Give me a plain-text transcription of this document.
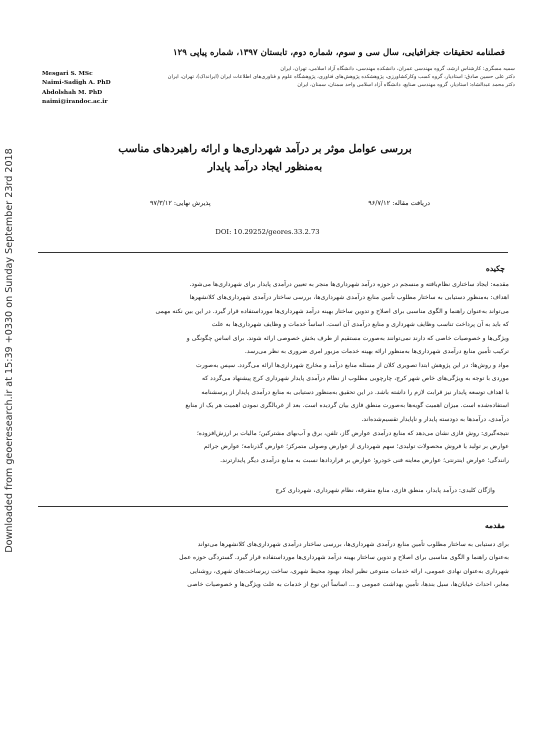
Downloaded from geoeresearch.ir at 15:39 +0330 on Sunday September 23rd 2018
فصلنامه تحقیقات جغرافیایی، سال سی و سوم، شماره دوم، تابستان ۱۳۹۷، شماره پیاپی ۱۲۹
سمیه مسگری: کارشناس ارشد، گروه مهندسی عمران، دانشکده مهندسی، دانشگاه آزاد اسلامی، تهران، ایران
دکتر علی حسین صادق: استادیار، گروه کسب وکارکشاورزی، پژوهشکده پژوهش‌های فناوری، پژوهشگاه علوم و فناوری‌های اطلاعات ایران (ایرانداک)، تهران، ایران
دکتر محمد عبدالشاه: استادیار، گروه مهندسی صنایع، دانشگاه آزاد اسلامی واحد سمنان، سمنان، ایران
Mesgari S. MSc
Naimi-Sadigh A. PhD
Abdolshah M. PhD
naimi@irandoc.ac.ir
بررسی عوامل موثر بر درآمد شهرداری‌ها و ارائه راهبردهای مناسب
به‌منظور ایجاد درآمد پایدار
دریافت مقاله: ۹۶/۷/۱۲
پذیرش نهایی: ۹۷/۳/۱۲
DOI: 10.29252/geores.33.2.73
چکیده
مقدمه: ایجاد ساختاری نظام‌یافته و منسجم در حوزه درآمد شهرداری‌ها منجر به تعیین درآمدی پایدار برای شهرداری‌ها می‌شود.
اهداف: به‌منظور دستیابی به ساختار مطلوب تأمین منابع درآمدی شهرداری‌ها، بررسی ساختار درآمدی شهرداری‌های کلانشهرها
می‌تواند به‌عنوان راهنما و الگوی مناسبی برای اصلاح و تدوین ساختار بهینه درآمد شهرداری‌ها مورداستفاده قرار گیرد. در این بین نکته مهمی
که باید به آن پرداخت تناسب وظایف شهرداری و منابع درآمدی آن است. اساساً خدمات و وظایف شهرداری‌ها به علت
ویژگی‌ها و خصوصیات خاصی که دارند نمی‌توانند به‌صورت مستقیم از طرف بخش خصوصی ارائه شوند. برای اساس چگونگی و
ترکیب تأمین منابع درآمدی شهرداری‌ها به‌منظور ارائه بهینه خدمات مزبور امری ضروری به نظر می‌رسد.
مواد و روش‌ها: در این پژوهش ابتدا تصویری کلان از مسئله منابع درآمد و مخارج شهرداری‌ها ارائه می‌گردد. سپس به‌صورت
موردی با توجه به ویژگی‌های خاص شهر کرج، چارچوبی مطلوب از نظام درآمدی پایدار شهرداری کرج پیشنهاد می‌گردد که
با اهداف توسعه پایدار نیز قرابت لازم را داشته باشد. در این تحقیق به‌منظور دستیابی به منابع درآمدی پایدار از پرسشنامه
استفاده‌شده است. میزان اهمیت گویه‌ها به‌صورت منطق فازی بیان گردیده است. بعد از غربالگری نمودن اهمیت هر یک از منابع
درآمدی، درآمدها به دودسته پایدار و ناپایدار تقسیم‌شده‌اند.
نتیجه‌گیری: روش فازی نشان می‌دهد که منابع درآمدی عوارض گاز، تلفن، برق و آب‌بهای مشترکین؛ مالیات بر ارزش‌افزوده؛
عوارض بر تولید یا فروش محصولات تولیدی؛ سهم شهرداری از عوارض وصولی متمرکز؛ عوارض گذرنامه؛ عوارض جرائم
رانندگی؛ عوارض اینترنتی؛ عوارض معاینه فنی خودرو؛ عوارض بر قراردادها نسبت به منابع درآمدی دیگر پایدارترند.
واژگان کلیدی: درآمد پایدار، منطق فازی، منابع متفرقه، نظام شهرداری، شهرداری کرج
مقدمه
برای دستیابی به ساختار مطلوب تأمین منابع درآمدی شهرداری‌ها، بررسی ساختار درآمدی شهرداری‌های کلانشهرها می‌تواند
به‌عنوان راهنما و الگوی مناسبی برای اصلاح و تدوین ساختار بهینه درآمد شهرداری‌ها مورداستفاده قرار گیرد. گستردگی حوزه عمل
شهرداری به‌عنوان نهادی عمومی، ارائه خدمات متنوعی نظیر ایجاد بهبود محیط شهری، ساخت زیرساخت‌های شهری، روشنایی
معابر، احداث خیابان‌ها، سیل بندها، تأمین بهداشت عمومی و ... اساساً این نوع از خدمات به علت ویژگی‌ها و خصوصیات خاصی
